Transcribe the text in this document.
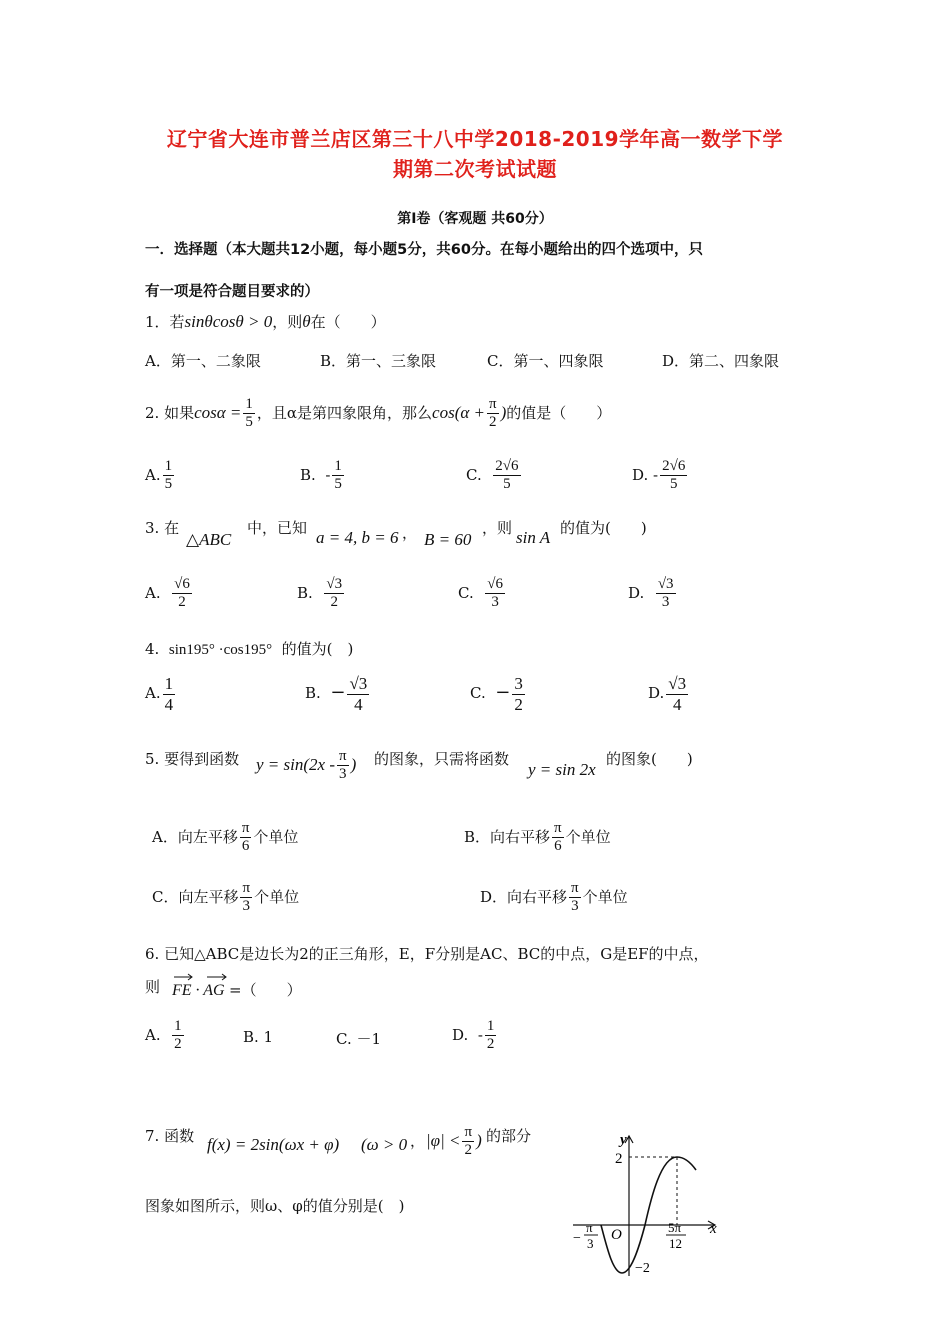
辽宁省大连市普兰店区第三十八中学2018-2019学年高一数学下学
期第二次考试试题
第Ⅰ卷（客观题 共60分）
一．选择题（本大题共12小题，每小题5分，共60分。在每小题给出的四个选项中，只
有一项是符合题目要求的）
1．若sinθcosθ > 0，则θ在（　　）
A．第一、二象限	B．第一、三象限	C．第一、四象限	D．第二、四象限
2. 如果$\cos\alpha = \frac{1}{5}$ ，且α是第四象限角，那么$\cos(\alpha + \frac{\pi}{2}$ )的值是（　　）
A. $\frac{1}{5}$	B. - $\frac{1}{5}$	C. $\frac{2√6}{5}$	D. - $\frac{2√6}{5}$
3. 在
△ABC
中，已知 a = 4, b = 6 ， B = 60
，则 sin A 的值为(　　)
A. $\frac{√6}{2}$	B. $\frac{√3}{2}$	C. $\frac{√6}{3}$	D. $\frac{√3}{3}$
4. sin195° ·cos195° 的值为(　)
A. $\frac{1}{4}$	B. − $\frac{√3}{4}$	C. − $\frac{3}{2}$	D. $\frac{√3}{4}$
5. 要得到函数 $y = \sin(2x - \frac{\pi}{3}$ ) 的图象，只需将函数
y = sin 2x
的图象(　　)
A．向左平移 $\frac{\pi}{6}$ 个单位	B．向右平移 $\frac{\pi}{6}$ 个单位
C．向左平移 $\frac{\pi}{3}$ 个单位	D．向右平移 $\frac{\pi}{3}$ 个单位
6. 已知△ABC是边长为2的正三角形，E，F分别是AC、BC的中点，G是EF的中点，
则 FE · AG =（　　）
A. $\frac{1}{2}$	B. 1	C. －1	D. - $\frac{1}{2}$
7. 函数 f(x) = 2sin(ωx + φ) (ω > 0 ， $|\varphi| < \frac{\pi}{2}$ ) 的部分
图象如图所示，则ω、φ的值分别是(　)
y
x
O
2
−2
−
π
3
5π
12
